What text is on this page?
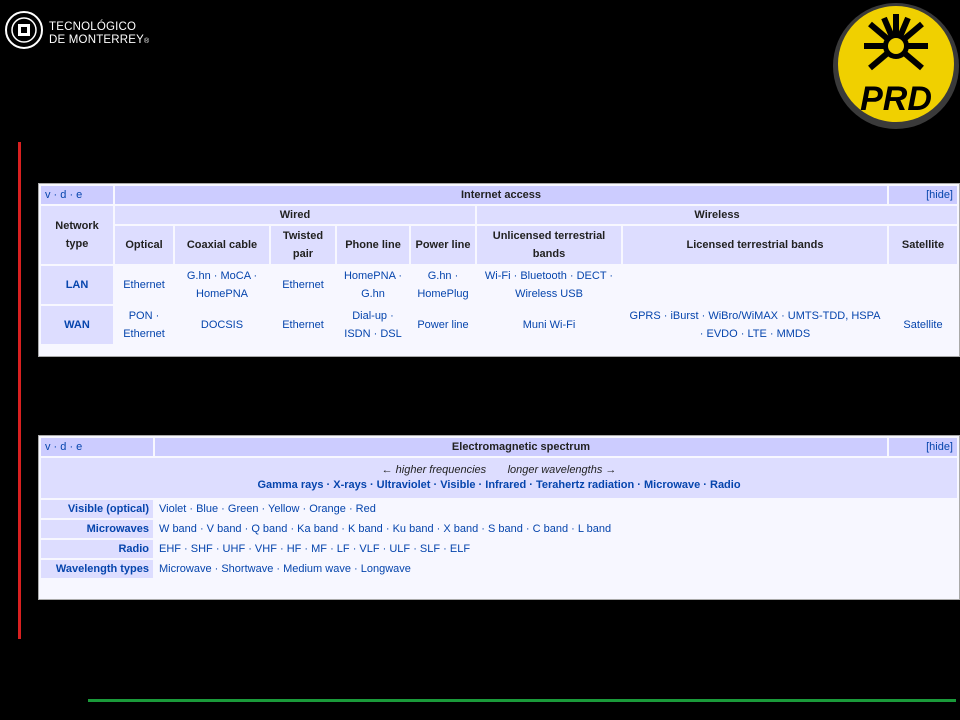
TECNOLÓGICO
DE MONTERREY®
PRD
v · d · e	Internet access							[hide]
Network type	Wired					Wireless		
	Optical	Coaxial cable	Twisted pair	Phone line	Power line	Unlicensed terrestrial bands	Licensed terrestrial bands	Satellite
LAN	Ethernet	G.hn · MoCA · HomePNA	Ethernet	HomePNA · G.hn	G.hn · HomePlug	Wi-Fi · Bluetooth · DECT · Wireless USB		
WAN	PON · Ethernet	DOCSIS	Ethernet	Dial-up · ISDN · DSL	Power line	Muni Wi-Fi	GPRS · iBurst · WiBro/WiMAX · UMTS-TDD, HSPA · EVDO · LTE · MMDS	Satellite
v · d · e	Electromagnetic spectrum	[hide]

← higher frequencies longer wavelengths →
Gamma rays · X-rays · Ultraviolet · Visible · Infrared · Terahertz radiation · Microwave · Radio		

Visible (optical)	Violet · Blue · Green · Yellow · Orange · Red	
Microwaves	W band · V band · Q band · Ka band · K band · Ku band · X band · S band · C band · L band	
Radio	EHF · SHF · UHF · VHF · HF · MF · LF · VLF · ULF · SLF · ELF	
Wavelength types	Microwave · Shortwave · Medium wave · Longwave	
